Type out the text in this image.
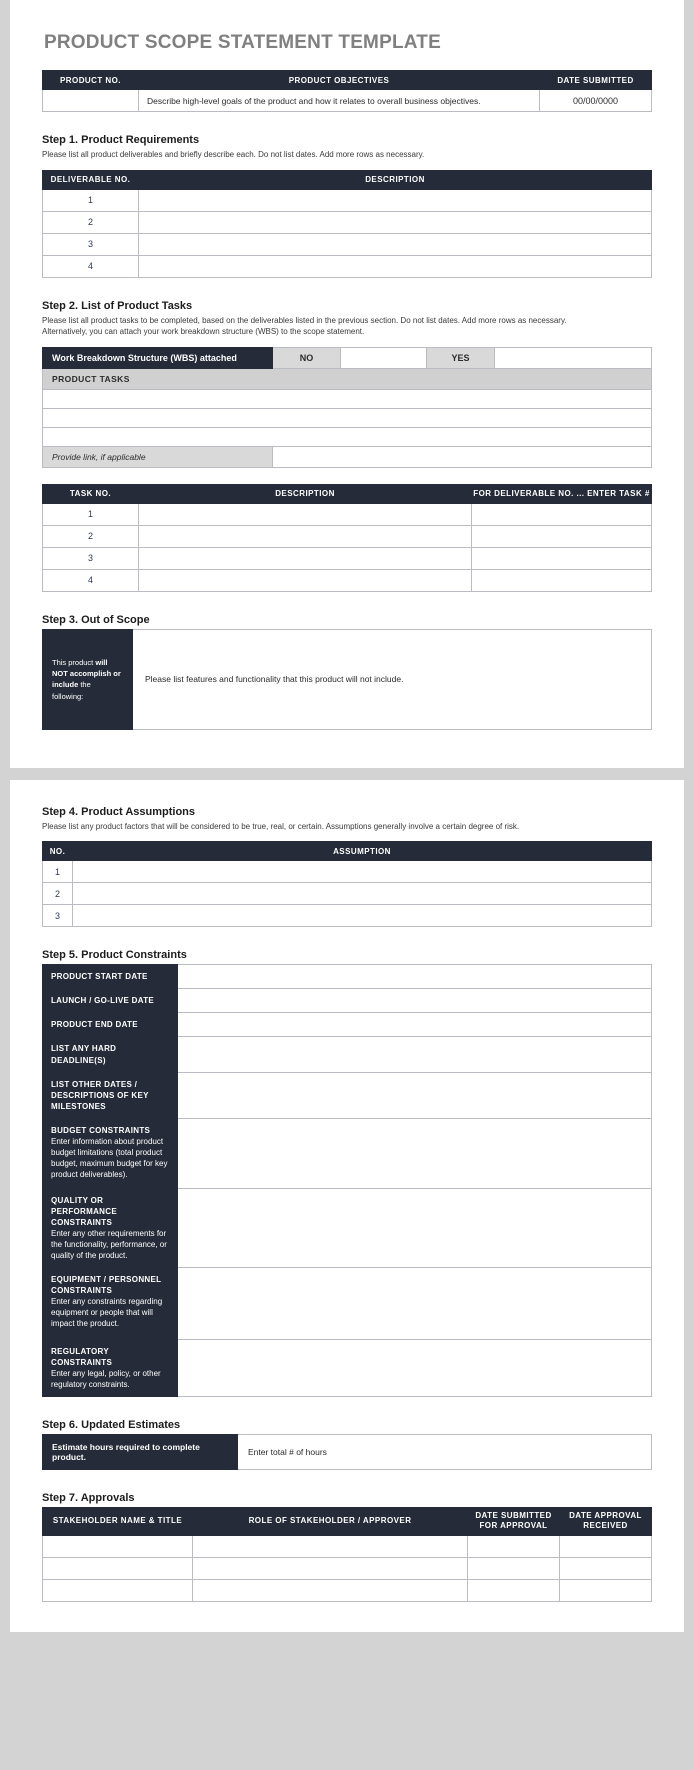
PRODUCT SCOPE STATEMENT TEMPLATE
PRODUCT NO.	PRODUCT OBJECTIVES	DATE SUBMITTED
	Describe high-level goals of the product and how it relates to overall business objectives.	00/00/0000
Step 1. Product Requirements
Please list all product deliverables and briefly describe each. Do not list dates. Add more rows as necessary.
DELIVERABLE NO.	DESCRIPTION
1	
2	
3	
4	
Step 2. List of Product Tasks
Please list all product tasks to be completed, based on the deliverables listed in the previous section. Do not list dates. Add more rows as necessary. Alternatively, you can attach your work breakdown structure (WBS) to the scope statement.
Work Breakdown Structure (WBS) attached	NO		YES	
PRODUCT TASKS				

Provide link, if applicable				
TASK NO.	DESCRIPTION	FOR DELIVERABLE NO. ... ENTER TASK #
1		
2		
3		
4		
Step 3. Out of Scope
This product will NOT accomplish or include the following:	Please list features and functionality that this product will not include.
Step 4. Product Assumptions
Please list any product factors that will be considered to be true, real, or certain. Assumptions generally involve a certain degree of risk.
NO.	ASSUMPTION
1	
2	
3	
Step 5. Product Constraints
PRODUCT START DATE	

LAUNCH / GO-LIVE DATE	

PRODUCT END DATE	

LIST ANY HARD DEADLINE(S)	

LIST OTHER DATES / DESCRIPTIONS OF KEY MILESTONES	

BUDGET CONSTRAINTS
Enter information about product budget limitations (total product budget, maximum budget for key product deliverables).	

QUALITY OR PERFORMANCE CONSTRAINTS
Enter any other requirements for the functionality, performance, or quality of the product.	

EQUIPMENT / PERSONNEL CONSTRAINTS
Enter any constraints regarding equipment or people that will impact the product.	

REGULATORY CONSTRAINTS
Enter any legal, policy, or other regulatory constraints.	

Step 6. Updated Estimates
Estimate hours required to complete product.	Enter total # of hours
Step 7. Approvals
STAKEHOLDER NAME & TITLE	ROLE OF STAKEHOLDER / APPROVER	DATE SUBMITTED FOR APPROVAL	DATE APPROVAL RECEIVED
